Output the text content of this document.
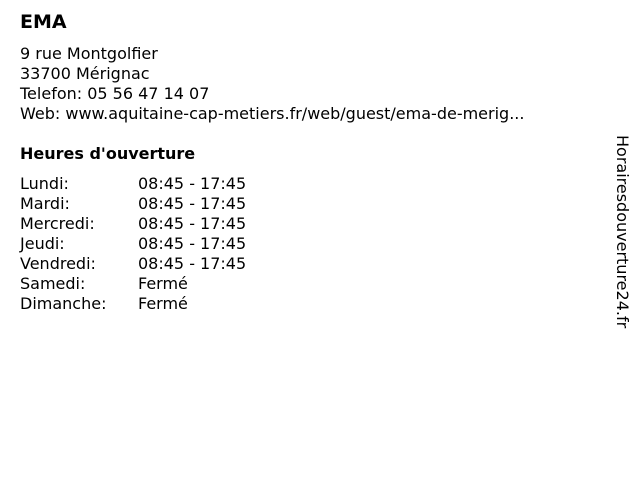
EMA
9 rue Montgolfier
33700 Mérignac
Telefon: 05 56 47 14 07
Web: www.aquitaine-cap-metiers.fr/web/guest/ema-de-merig...
Heures d'ouverture
Lundi:	08:45 - 17:45
Mardi:	08:45 - 17:45
Mercredi:	08:45 - 17:45
Jeudi:	08:45 - 17:45
Vendredi:	08:45 - 17:45
Samedi:	Fermé
Dimanche:	Fermé	Horairesdouverture24.fr
